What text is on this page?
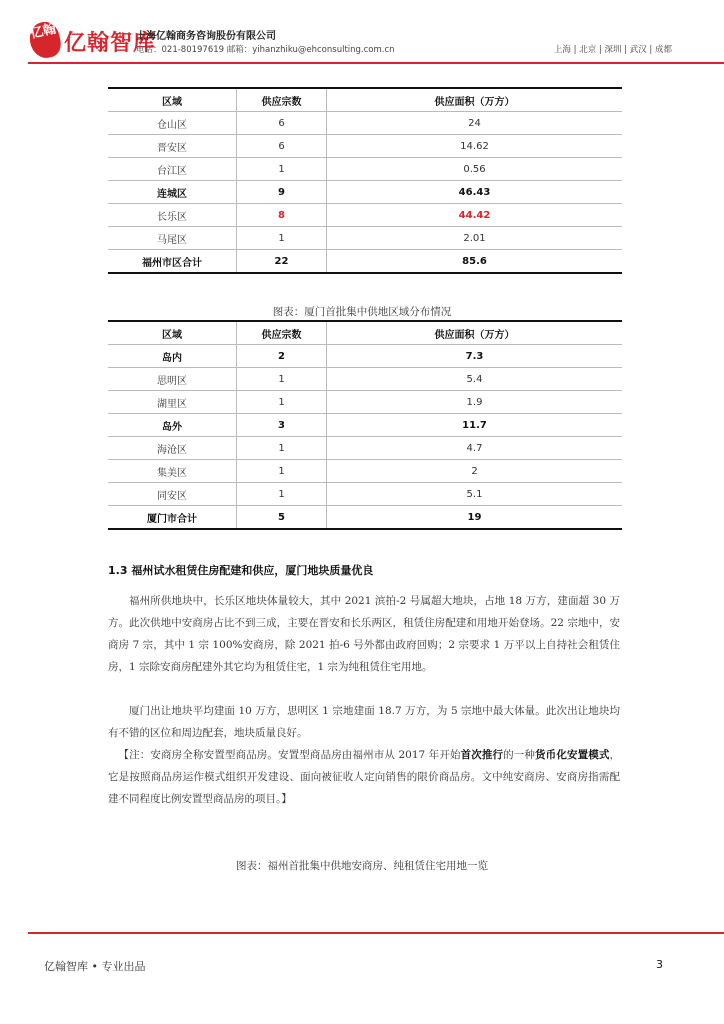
亿翰 亿翰智库
上海亿翰商务咨询股份有限公司
电话：021-80197619 邮箱：yihanzhiku@ehconsulting.com.cn	上海 | 北京 | 深圳 | 武汉 | 成都
区域	供应宗数	供应面积（万方）
仓山区	6	24
晋安区	6	14.62
台江区	1	0.56
连城区	9	46.43
长乐区	8	44.42
马尾区	1	2.01
福州市区合计	22	85.6
图表：厦门首批集中供地区域分布情况
区域	供应宗数	供应面积（万方）
岛内	2	7.3
思明区	1	5.4
湖里区	1	1.9
岛外	3	11.7
海沧区	1	4.7
集美区	1	2
同安区	1	5.1
厦门市合计	5	19
1.3 福州试水租赁住房配建和供应，厦门地块质量优良

福州所供地块中，长乐区地块体量较大，其中 2021 滨拍-2 号属超大地块，占地 18 万方，建面超 30 万方。此次供地中安商房占比不到三成，主要在晋安和长乐两区，租赁住房配建和用地开始登场。22 宗地中，安商房 7 宗，其中 1 宗 100%安商房，除 2021 拍-6 号外都由政府回购；2 宗要求 1 万平以上自持社会租赁住房，1 宗除安商房配建外其它均为租赁住宅，1 宗为纯租赁住宅用地。

厦门出让地块平均建面 10 万方，思明区 1 宗地建面 18.7 万方，为 5 宗地中最大体量。此次出让地块均有不错的区位和周边配套，地块质量良好。

【注：安商房全称安置型商品房。安置型商品房由福州市从 2017 年开始首次推行的一种货币化安置模式，它是按照商品房运作模式组织开发建设、面向被征收人定向销售的限价商品房。文中纯安商房、安商房指需配建不同程度比例安置型商品房的项目。】

图表：福州首批集中供地安商房、纯租赁住宅用地一览
亿翰智库 • 专业出品	3
